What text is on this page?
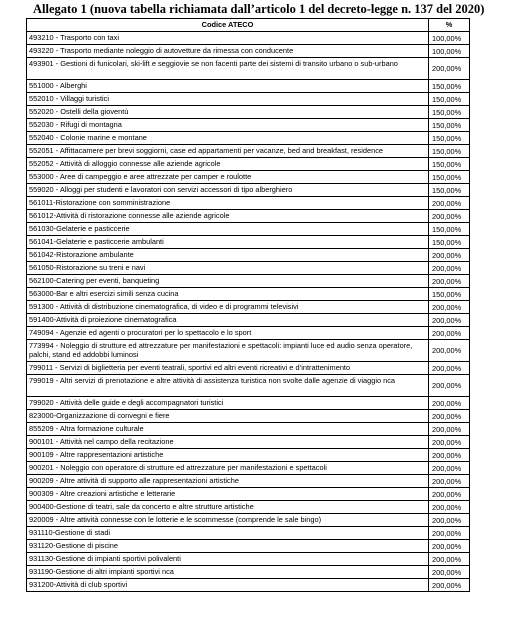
Allegato 1 (nuova tabella richiamata dall’articolo 1 del decreto-legge n. 137 del 2020)
Codice ATECO	%
493210 - Trasporto con taxi	100,00%
493220 - Trasporto mediante noleggio di autovetture da rimessa con conducente	100,00%
493901 - Gestioni di funicolari, ski-lift e seggiovie se non facenti parte dei sistemi di transito urbano o sub-urbano	200,00%
551000 - Alberghi	150,00%
552010 - Villaggi turistici	150,00%
552020 - Ostelli della gioventù	150,00%
552030 - Rifugi di montagna	150,00%
552040 - Colonie marine e montane	150,00%
552051 - Affittacamere per brevi soggiorni, case ed appartamenti per vacanze, bed and breakfast, residence	150,00%
552052 - Attività di alloggio connesse alle aziende agricole	150,00%
553000 - Aree di campeggio e aree attrezzate per camper e roulotte	150,00%
559020 - Alloggi per studenti e lavoratori con servizi accessori di tipo alberghiero	150,00%
561011-Ristorazione con somministrazione	200,00%
561012-Attività di ristorazione connesse alle aziende agricole	200,00%
561030-Gelaterie e pasticcerie	150,00%
561041-Gelaterie e pasticcerie ambulanti	150,00%
561042-Ristorazione ambulante	200,00%
561050-Ristorazione su treni e navi	200,00%
562100-Catering per eventi, banqueting	200,00%
563000-Bar e altri esercizi simili senza cucina	150,00%
591300 - Attività di distribuzione cinematografica, di video e di programmi televisivi	200,00%
591400-Attività di proiezione cinematografica	200,00%
749094 - Agenzie ed agenti o procuratori per lo spettacolo e lo sport	200,00%
773994 - Noleggio di strutture ed attrezzature per manifestazioni e spettacoli: impianti luce ed audio senza operatore, palchi, stand ed addobbi luminosi	200,00%
799011 - Servizi di biglietteria per eventi teatrali, sportivi ed altri eventi ricreativi e d’intrattenimento	200,00%
799019 - Altri servizi di prenotazione e altre attività di assistenza turistica non svolte dalle agenzie di viaggio nca	200,00%
799020 - Attività delle guide e degli accompagnatori turistici	200,00%
823000-Organizzazione di convegni e fiere	200,00%
855209 - Altra formazione culturale	200,00%
900101 - Attività nel campo della recitazione	200,00%
900109 - Altre rappresentazioni artistiche	200,00%
900201 - Noleggio con operatore di strutture ed attrezzature per manifestazioni e spettacoli	200,00%
900209 - Altre attività di supporto alle rappresentazioni artistiche	200,00%
900309 - Altre creazioni artistiche e letterarie	200,00%
900400-Gestione di teatri, sale da concerto e altre strutture artistiche	200,00%
920009 - Altre attività connesse con le lotterie e le scommesse (comprende le sale bingo)	200,00%
931110-Gestione di stadi	200,00%
931120-Gestione di piscine	200,00%
931130-Gestione di impianti sportivi polivalenti	200,00%
931190-Gestione di altri impianti sportivi nca	200,00%
931200-Attività di club sportivi	200,00%
